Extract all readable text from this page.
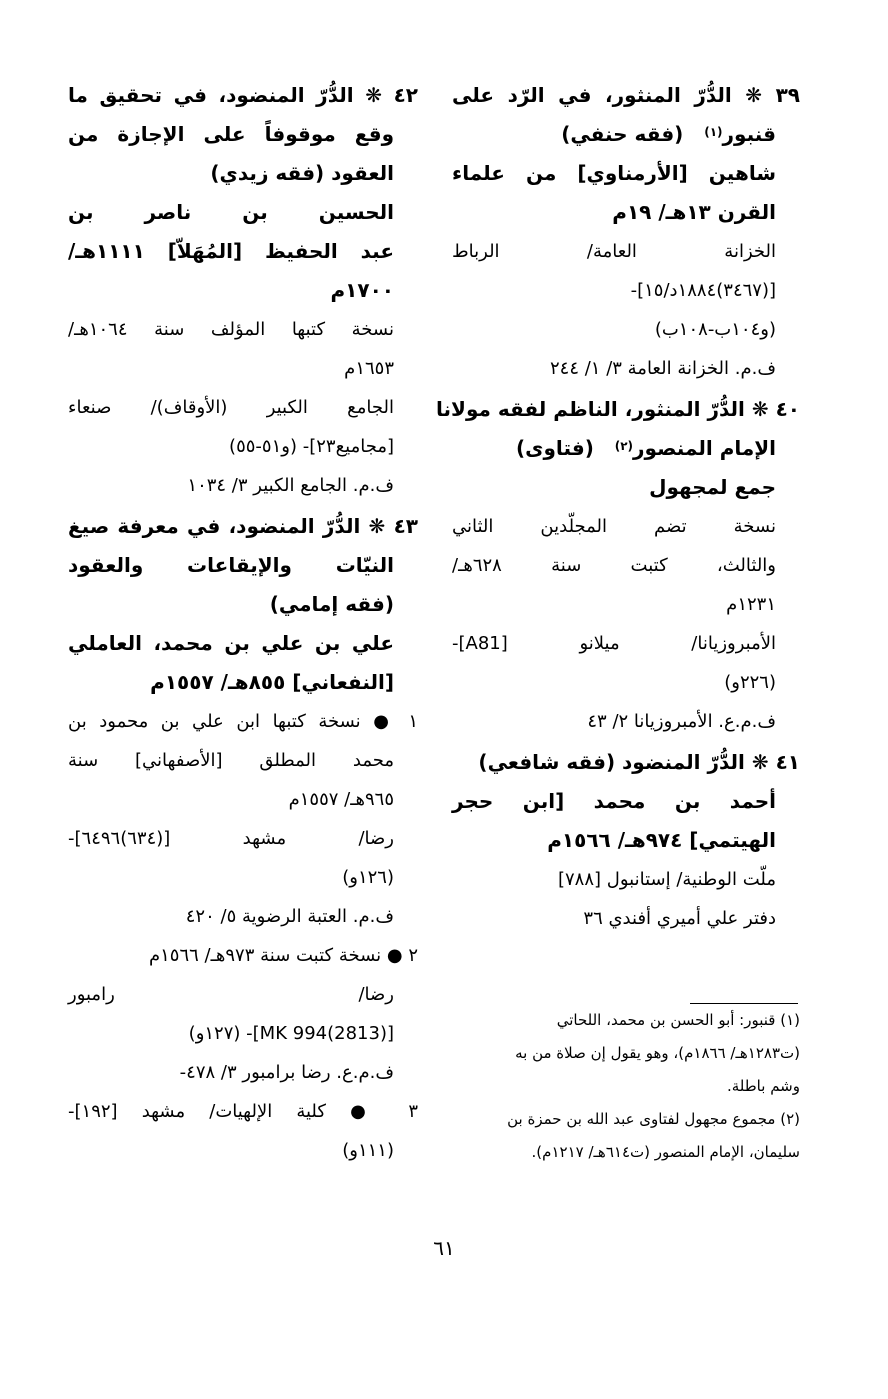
٣٩ ❋ الدُّرّ المنثور، في الرّد على
قنبور$^{(١)}$   (فقه حنفي)
شاهين [الأرمناوي] من علماء
القرن ١٣هـ/ ١٩م
الخزانة العامة/ الرباط
[(٣٤٦٧)١٨٨٤د/١٥]-
(و١٠٤ب-١٠٨ب)
ف.م. الخزانة العامة ٣/ ١/ ٢٤٤
٤٠ ❋ الدُّرّ المنثور، الناظم لفقه مولانا
الإمام المنصور$^{(٢)}$   (فتاوى)
جمع لمجهول
نسخة تضم المجلّدين الثاني
والثالث، كتبت سنة ٦٢٨هـ/
١٢٣١م
الأمبروزيانا/ ميلانو [A81]-
(٢٢٦و)
ف.م.ع. الأمبروزيانا ٢/ ٤٣
٤١ ❋ الدُّرّ المنضود (فقه شافعي)
أحمد بن محمد [ابن حجر
الهيتمي] ٩٧٤هـ/ ١٥٦٦م
ملّت الوطنية/ إستانبول [٧٨٨]
دفتر علي أميري أفندي ٣٦
٤٢ ❋ الدُّرّ المنضود، في تحقيق ما
وقع موقوفاً على الإجازة من
العقود (فقه زيدي)
الحسين بن ناصر بن
عبد الحفيظ [المُهَلاّ] ١١١١هـ/
١٧٠٠م
نسخة كتبها المؤلف سنة ١٠٦٤هـ/
١٦٥٣م
الجامع الكبير (الأوقاف)/ صنعاء
[مجاميع٢٣]- (و٥١-٥٥)
ف.م. الجامع الكبير ٣/ ١٠٣٤
٤٣ ❋ الدُّرّ المنضود، في معرفة صيغ
النيّات والإيقاعات والعقود
(فقه إمامي)
علي بن علي بن محمد، العاملي
[النفعاني] ٨٥٥هـ/ ١٥٥٧م
١ ● نسخة كتبها ابن علي بن محمود بن
محمد المطلق [الأصفهاني] سنة
٩٦٥هـ/ ١٥٥٧م
رضا/ مشهد [(٦٣٤)٦٤٩٦]-
(١٢٦و)
ف.م. العتبة الرضوية ٥/ ٤٢٠
٢ ● نسخة كتبت سنة ٩٧٣هـ/ ١٥٦٦م
رضا/ رامبور
[(2813)994 MK]- (١٢٧و)
ف.م.ع. رضا برامبور ٣/ ٤٧٨-
٣ ● كلية الإلهيات/ مشهد [١٩٢]-
(١١١و)
(١) قنبور: أبو الحسن بن محمد، اللحاتي
(ت١٢٨٣هـ/ ١٨٦٦م)، وهو يقول إن صلاة من به
وشم باطلة.
(٢) مجموع مجهول لفتاوى عبد الله بن حمزة بن
سليمان، الإمام المنصور (ت٦١٤هـ/ ١٢١٧م).
٦١
